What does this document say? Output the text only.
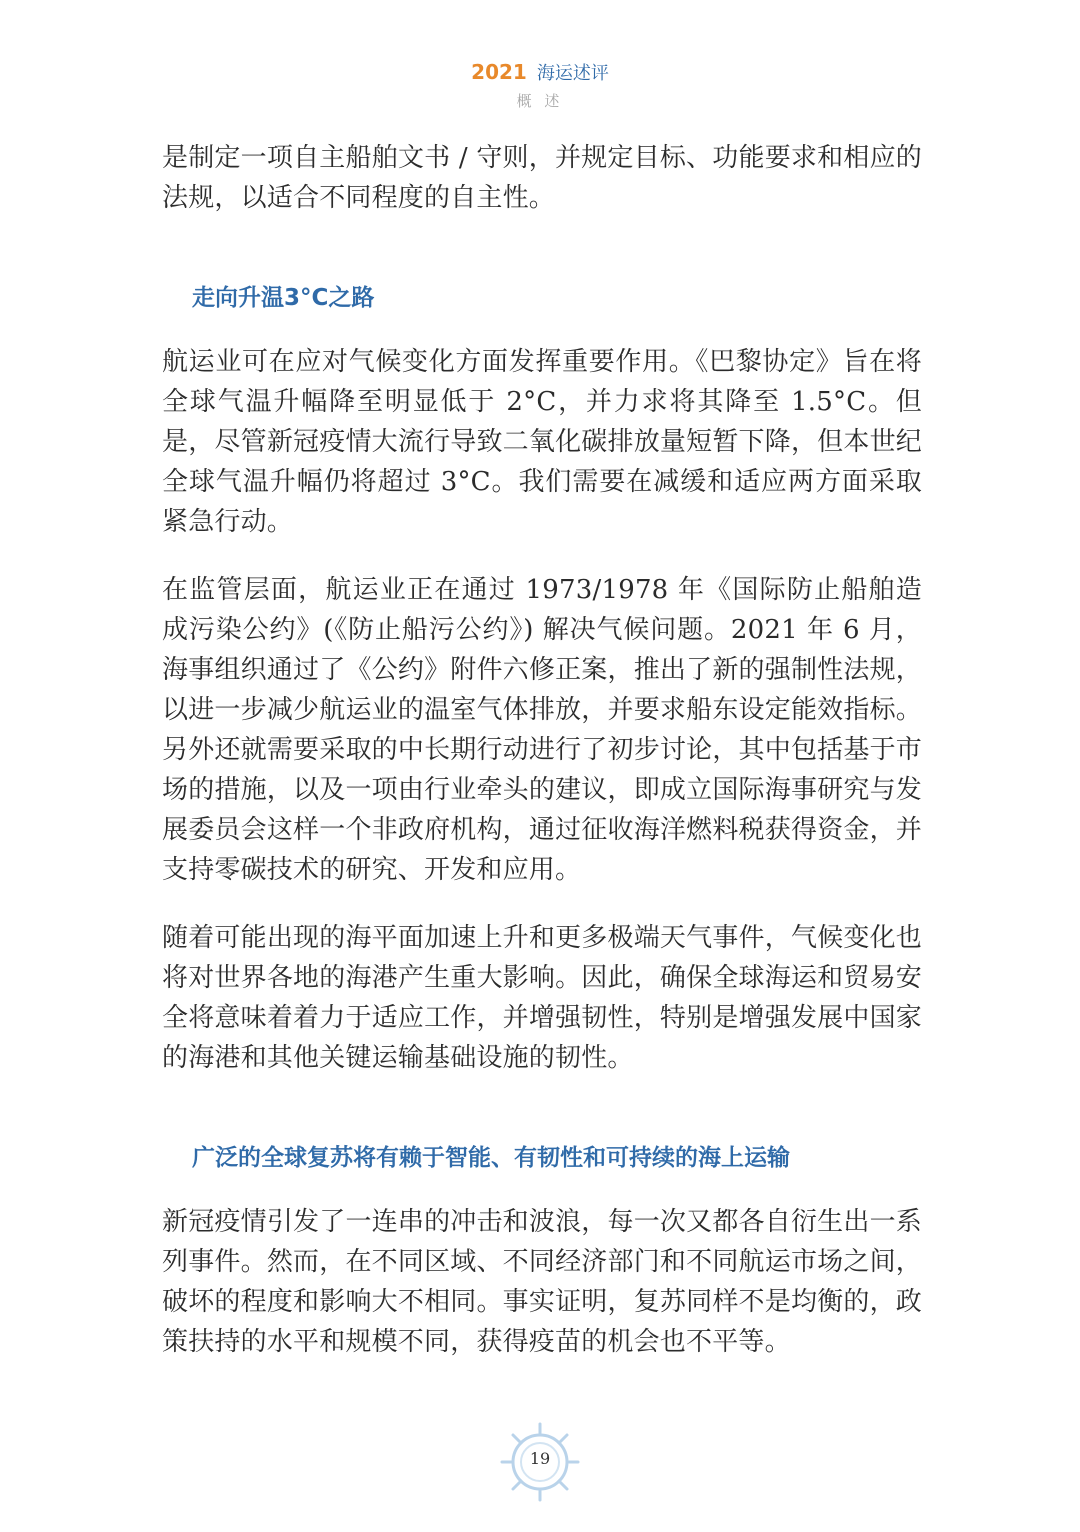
2021 海运述评
概 述

是制定一项自主船舶文书 / 守则，并规定目标、功能要求和相应的法规，以适合不同程度的自主性。

走向升温3°C之路

航运业可在应对气候变化方面发挥重要作用。《巴黎协定》旨在将全球气温升幅降至明显低于 2°C，并力求将其降至 1.5°C。但是，尽管新冠疫情大流行导致二氧化碳排放量短暂下降，但本世纪全球气温升幅仍将超过 3°C。我们需要在减缓和适应两方面采取紧急行动。

在监管层面，航运业正在通过 1973/1978 年《国际防止船舶造成污染公约》(《防止船污公约》) 解决气候问题。2021 年 6 月，海事组织通过了《公约》附件六修正案，推出了新的强制性法规，以进一步减少航运业的温室气体排放，并要求船东设定能效指标。另外还就需要采取的中长期行动进行了初步讨论，其中包括基于市场的措施，以及一项由行业牵头的建议，即成立国际海事研究与发展委员会这样一个非政府机构，通过征收海洋燃料税获得资金，并支持零碳技术的研究、开发和应用。

随着可能出现的海平面加速上升和更多极端天气事件，气候变化也将对世界各地的海港产生重大影响。因此，确保全球海运和贸易安全将意味着着力于适应工作，并增强韧性，特别是增强发展中国家的海港和其他关键运输基础设施的韧性。

广泛的全球复苏将有赖于智能、有韧性和可持续的海上运输

新冠疫情引发了一连串的冲击和波浪，每一次又都各自衍生出一系列事件。然而，在不同区域、不同经济部门和不同航运市场之间，破坏的程度和影响大不相同。事实证明，复苏同样不是均衡的，政策扶持的水平和规模不同，获得疫苗的机会也不平等。

19
